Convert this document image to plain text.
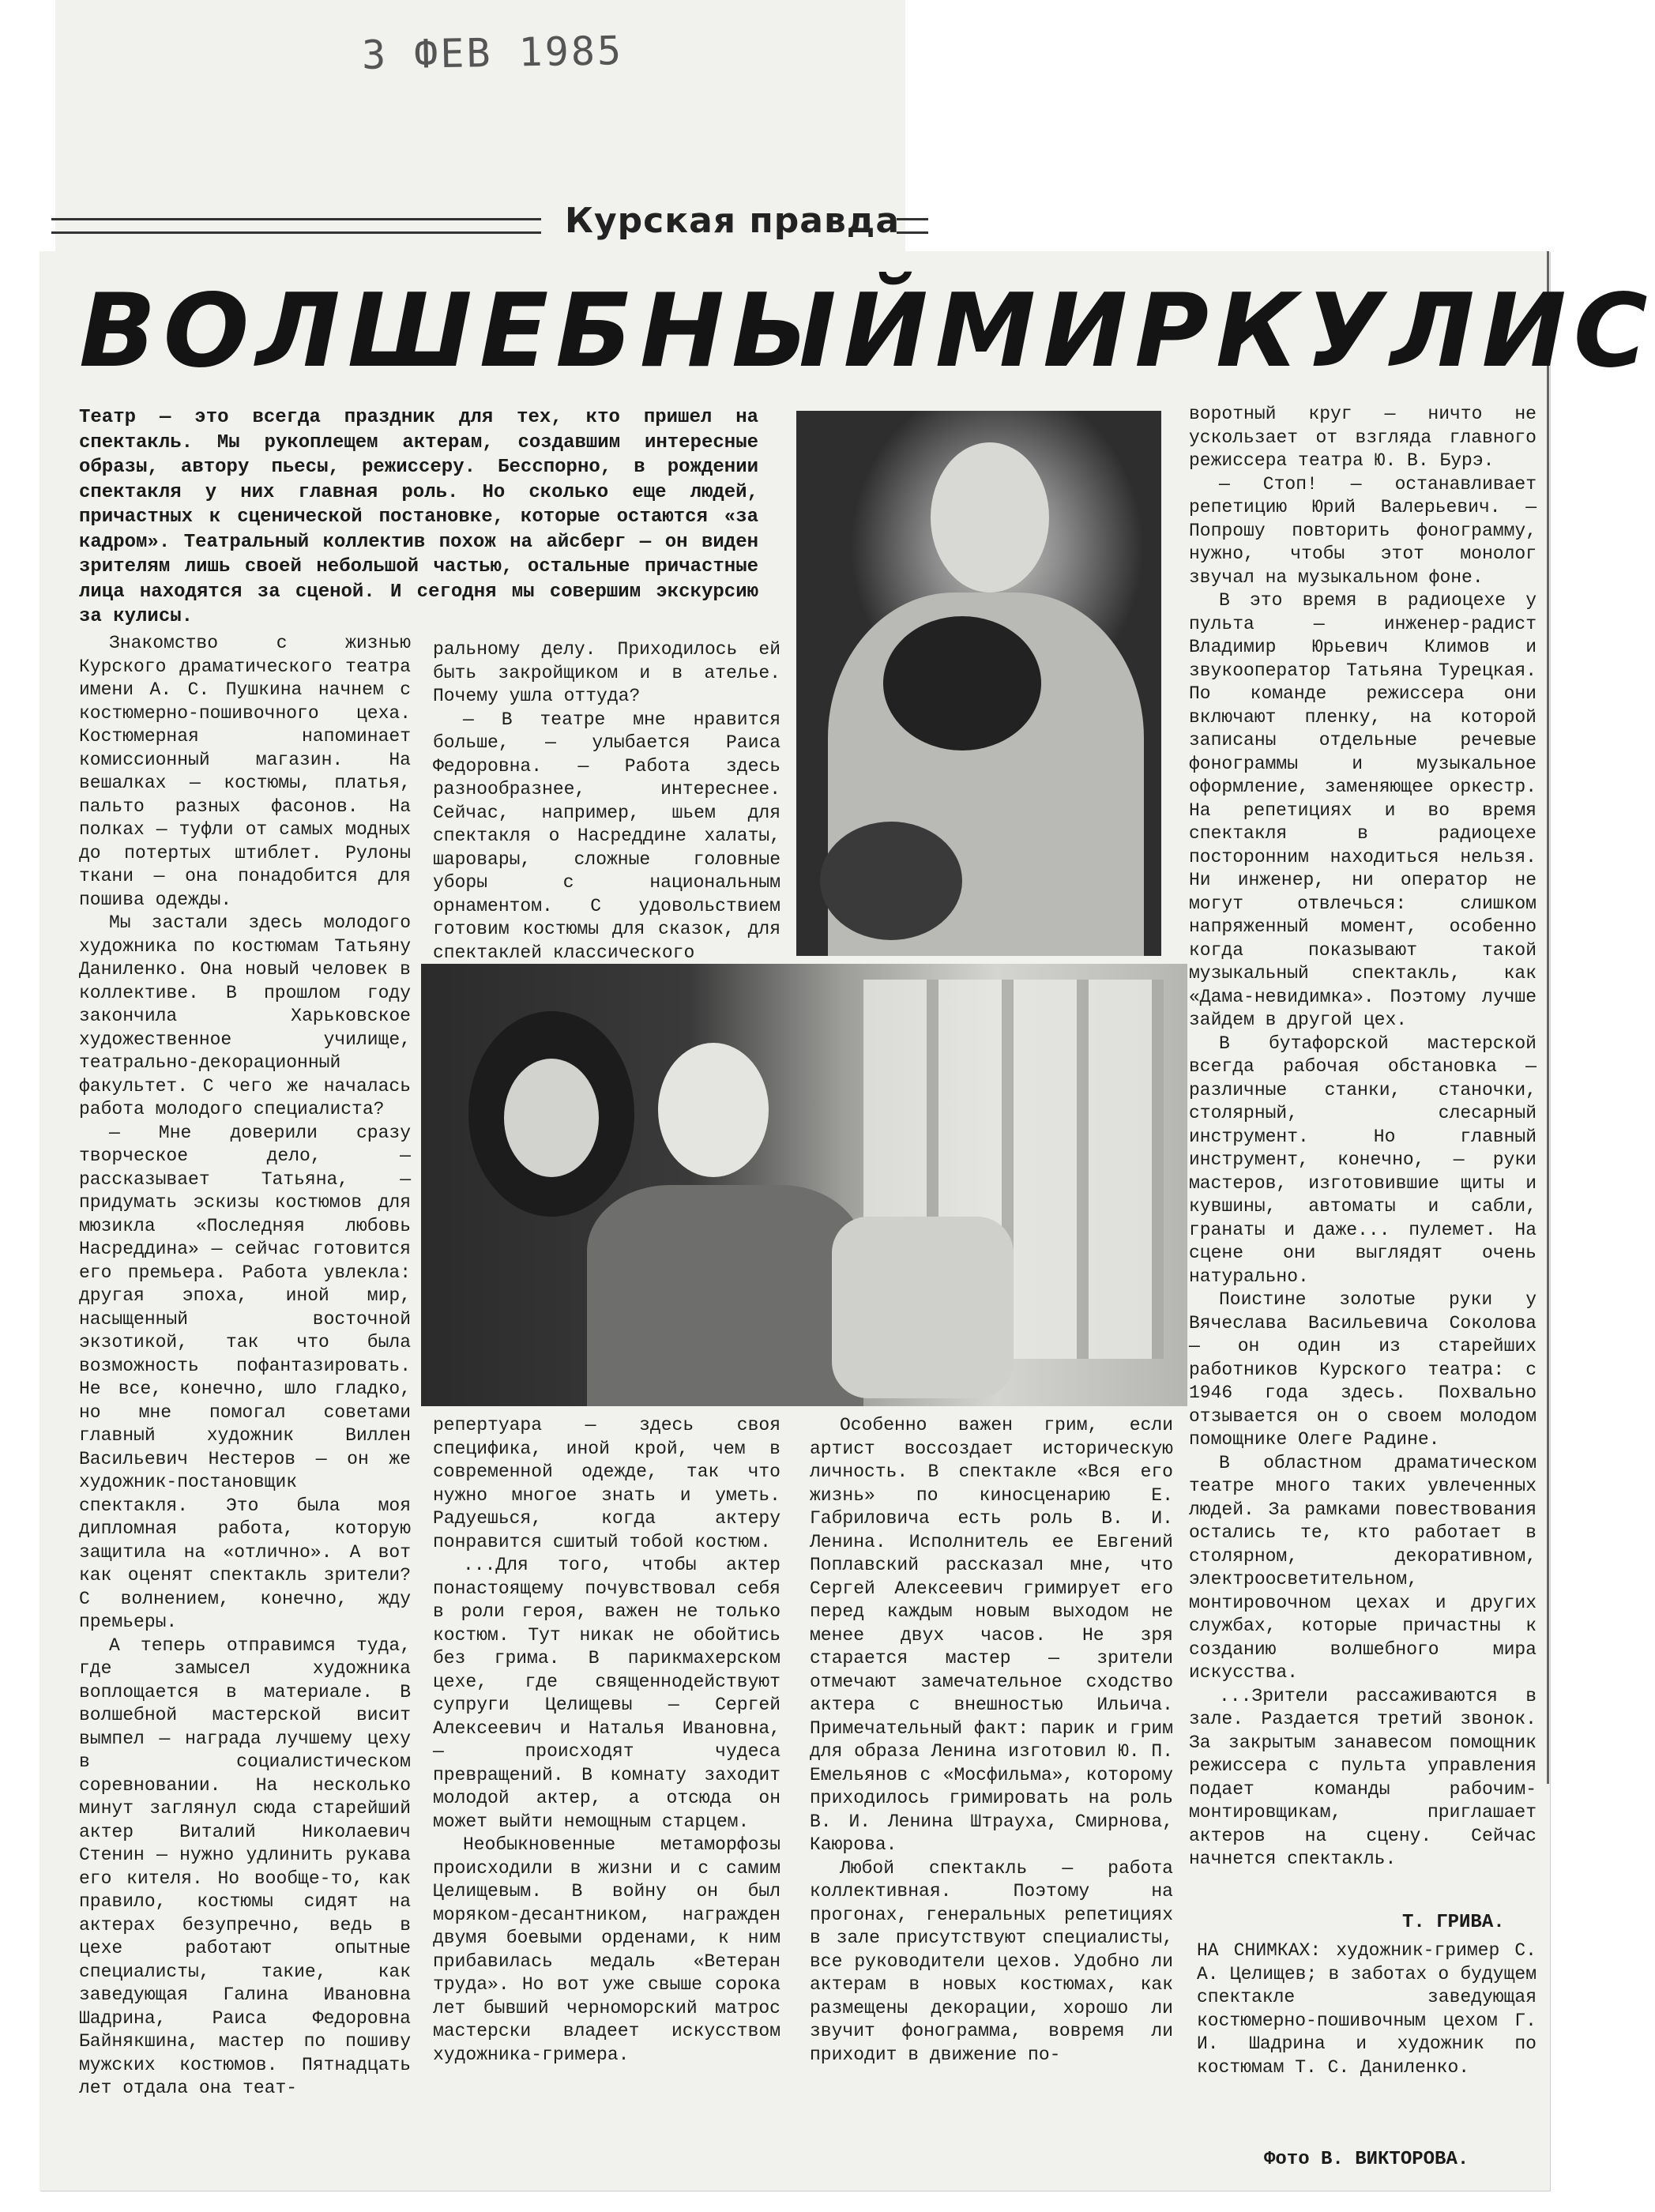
3 ФЕВ 1985
Курская правда
ВОЛШЕБНЫЙ МИР КУЛИС
Театр — это всегда праздник для тех, кто пришел на спектакль. Мы рукоплещем актерам, создавшим интересные образы, автору пьесы, режиссеру. Бесспорно, в рождении спектакля у них главная роль. Но сколько еще людей, причастных к сценической постановке, которые остаются «за кадром». Театральный коллектив похож на айсберг — он виден зрителям лишь своей небольшой частью, остальные причастные лица находятся за сценой. И сегодня мы совершим экскурсию за кулисы.

Знакомство с жизнью Курского драматического театра имени А. С. Пушкина начнем с костюмерно-пошивочного цеха. Костюмерная напоминает комиссионный магазин. На вешалках — костюмы, платья, пальто разных фасонов. На полках — туфли от самых модных до потертых штиблет. Рулоны ткани — она понадобится для пошива одежды.

Мы застали здесь молодого художника по костюмам Татьяну Даниленко. Она новый человек в коллективе. В прошлом году закончила Харьковское художественное училище, театрально-декорационный факультет. С чего же началась работа молодого специалиста?

— Мне доверили сразу творческое дело, — рассказывает Татьяна, — придумать эскизы костюмов для мюзикла «Последняя любовь Насреддина» — сейчас готовится его премьера. Работа увлекла: другая эпоха, иной мир, насыщенный восточной экзотикой, так что была возможность пофантазировать. Не все, конечно, шло гладко, но мне помогал советами главный художник Виллен Васильевич Нестеров — он же художник-постановщик спектакля. Это была моя дипломная работа, которую защитила на «отлично». А вот как оценят спектакль зрители? С волнением, конечно, жду премьеры.

А теперь отправимся туда, где замысел художника воплощается в материале. В волшебной мастерской висит вымпел — награда лучшему цеху в социалистическом соревновании. На несколько минут заглянул сюда старейший актер Виталий Николаевич Стенин — нужно удлинить рукава его кителя. Но вообще-то, как правило, костюмы сидят на актерах безупречно, ведь в цехе работают опытные специалисты, такие, как заведующая Галина Ивановна Шадрина, Раиса Федоровна Байнякшина, мастер по пошиву мужских костюмов. Пятнадцать лет отдала она теат-

ральному делу. Приходилось ей быть закройщиком и в ателье. Почему ушла оттуда?

— В театре мне нравится больше, — улыбается Раиса Федоровна. — Работа здесь разнообразнее, интереснее. Сейчас, например, шьем для спектакля о Насреддине халаты, шаровары, сложные головные уборы с национальным орнаментом. С удовольствием готовим костюмы для сказок, для спектаклей классического

репертуара — здесь своя специфика, иной крой, чем в современной одежде, так что нужно многое знать и уметь. Радуешься, когда актеру понравится сшитый тобой костюм.

...Для того, чтобы актер понастоящему почувствовал себя в роли героя, важен не только костюм. Тут никак не обойтись без грима. В парикмахерском цехе, где священнодействуют супруги Целищевы — Сергей Алексеевич и Наталья Ивановна, — происходят чудеса превращений. В комнату заходит молодой актер, а отсюда он может выйти немощным старцем.

Необыкновенные метаморфозы происходили в жизни и с самим Целищевым. В войну он был моряком-десантником, награжден двумя боевыми орденами, к ним прибавилась медаль «Ветеран труда». Но вот уже свыше сорока лет бывший черноморский матрос мастерски владеет искусством художника-гримера.

Особенно важен грим, если артист воссоздает историческую личность. В спектакле «Вся его жизнь» по киносценарию Е. Габриловича есть роль В. И. Ленина. Исполнитель ее Евгений Поплавский рассказал мне, что Сергей Алексеевич гримирует его перед каждым новым выходом не менее двух часов. Не зря старается мастер — зрители отмечают замечательное сходство актера с внешностью Ильича. Примечательный факт: парик и грим для образа Ленина изготовил Ю. П. Емельянов с «Мосфильма», которому приходилось гримировать на роль В. И. Ленина Штрауха, Смирнова, Каюрова.

Любой спектакль — работа коллективная. Поэтому на прогонах, генеральных репетициях в зале присутствуют специалисты, все руководители цехов. Удобно ли актерам в новых костюмах, как размещены декорации, хорошо ли звучит фонограмма, вовремя ли приходит в движение по-

воротный круг — ничто не ускользает от взгляда главного режиссера театра Ю. В. Бурэ.

— Стоп! — останавливает репетицию Юрий Валерьевич. — Попрошу повторить фонограмму, нужно, чтобы этот монолог звучал на музыкальном фоне.

В это время в радиоцехе у пульта — инженер-радист Владимир Юрьевич Климов и звукооператор Татьяна Турецкая. По команде режиссера они включают пленку, на которой записаны отдельные речевые фонограммы и музыкальное оформление, заменяющее оркестр. На репетициях и во время спектакля в радиоцехе посторонним находиться нельзя. Ни инженер, ни оператор не могут отвлечься: слишком напряженный момент, особенно когда показывают такой музыкальный спектакль, как «Дама-невидимка». Поэтому лучше зайдем в другой цех.

В бутафорской мастерской всегда рабочая обстановка — различные станки, станочки, столярный, слесарный инструмент. Но главный инструмент, конечно, — руки мастеров, изготовившие щиты и кувшины, автоматы и сабли, гранаты и даже... пулемет. На сцене они выглядят очень натурально.

Поистине золотые руки у Вячеслава Васильевича Соколова — он один из старейших работников Курского театра: с 1946 года здесь. Похвально отзывается он о своем молодом помощнике Олеге Радине.

В областном драматическом театре много таких увлеченных людей. За рамками повествования остались те, кто работает в столярном, декоративном, электроосветительном, монтировочном цехах и других службах, которые причастны к созданию волшебного мира искусства.

...Зрители рассаживаются в зале. Раздается третий звонок. За закрытым занавесом помощник режиссера с пульта управления подает команды рабочим-монтировщикам, приглашает актеров на сцену. Сейчас начнется спектакль.

Т. ГРИВА.
НА СНИМКАХ: художник-гример С. А. Целищев; в заботах о будущем спектакле заведующая костюмерно-пошивочным цехом Г. И. Шадрина и художник по костюмам Т. С. Даниленко.
Фото В. ВИКТОРОВА.
